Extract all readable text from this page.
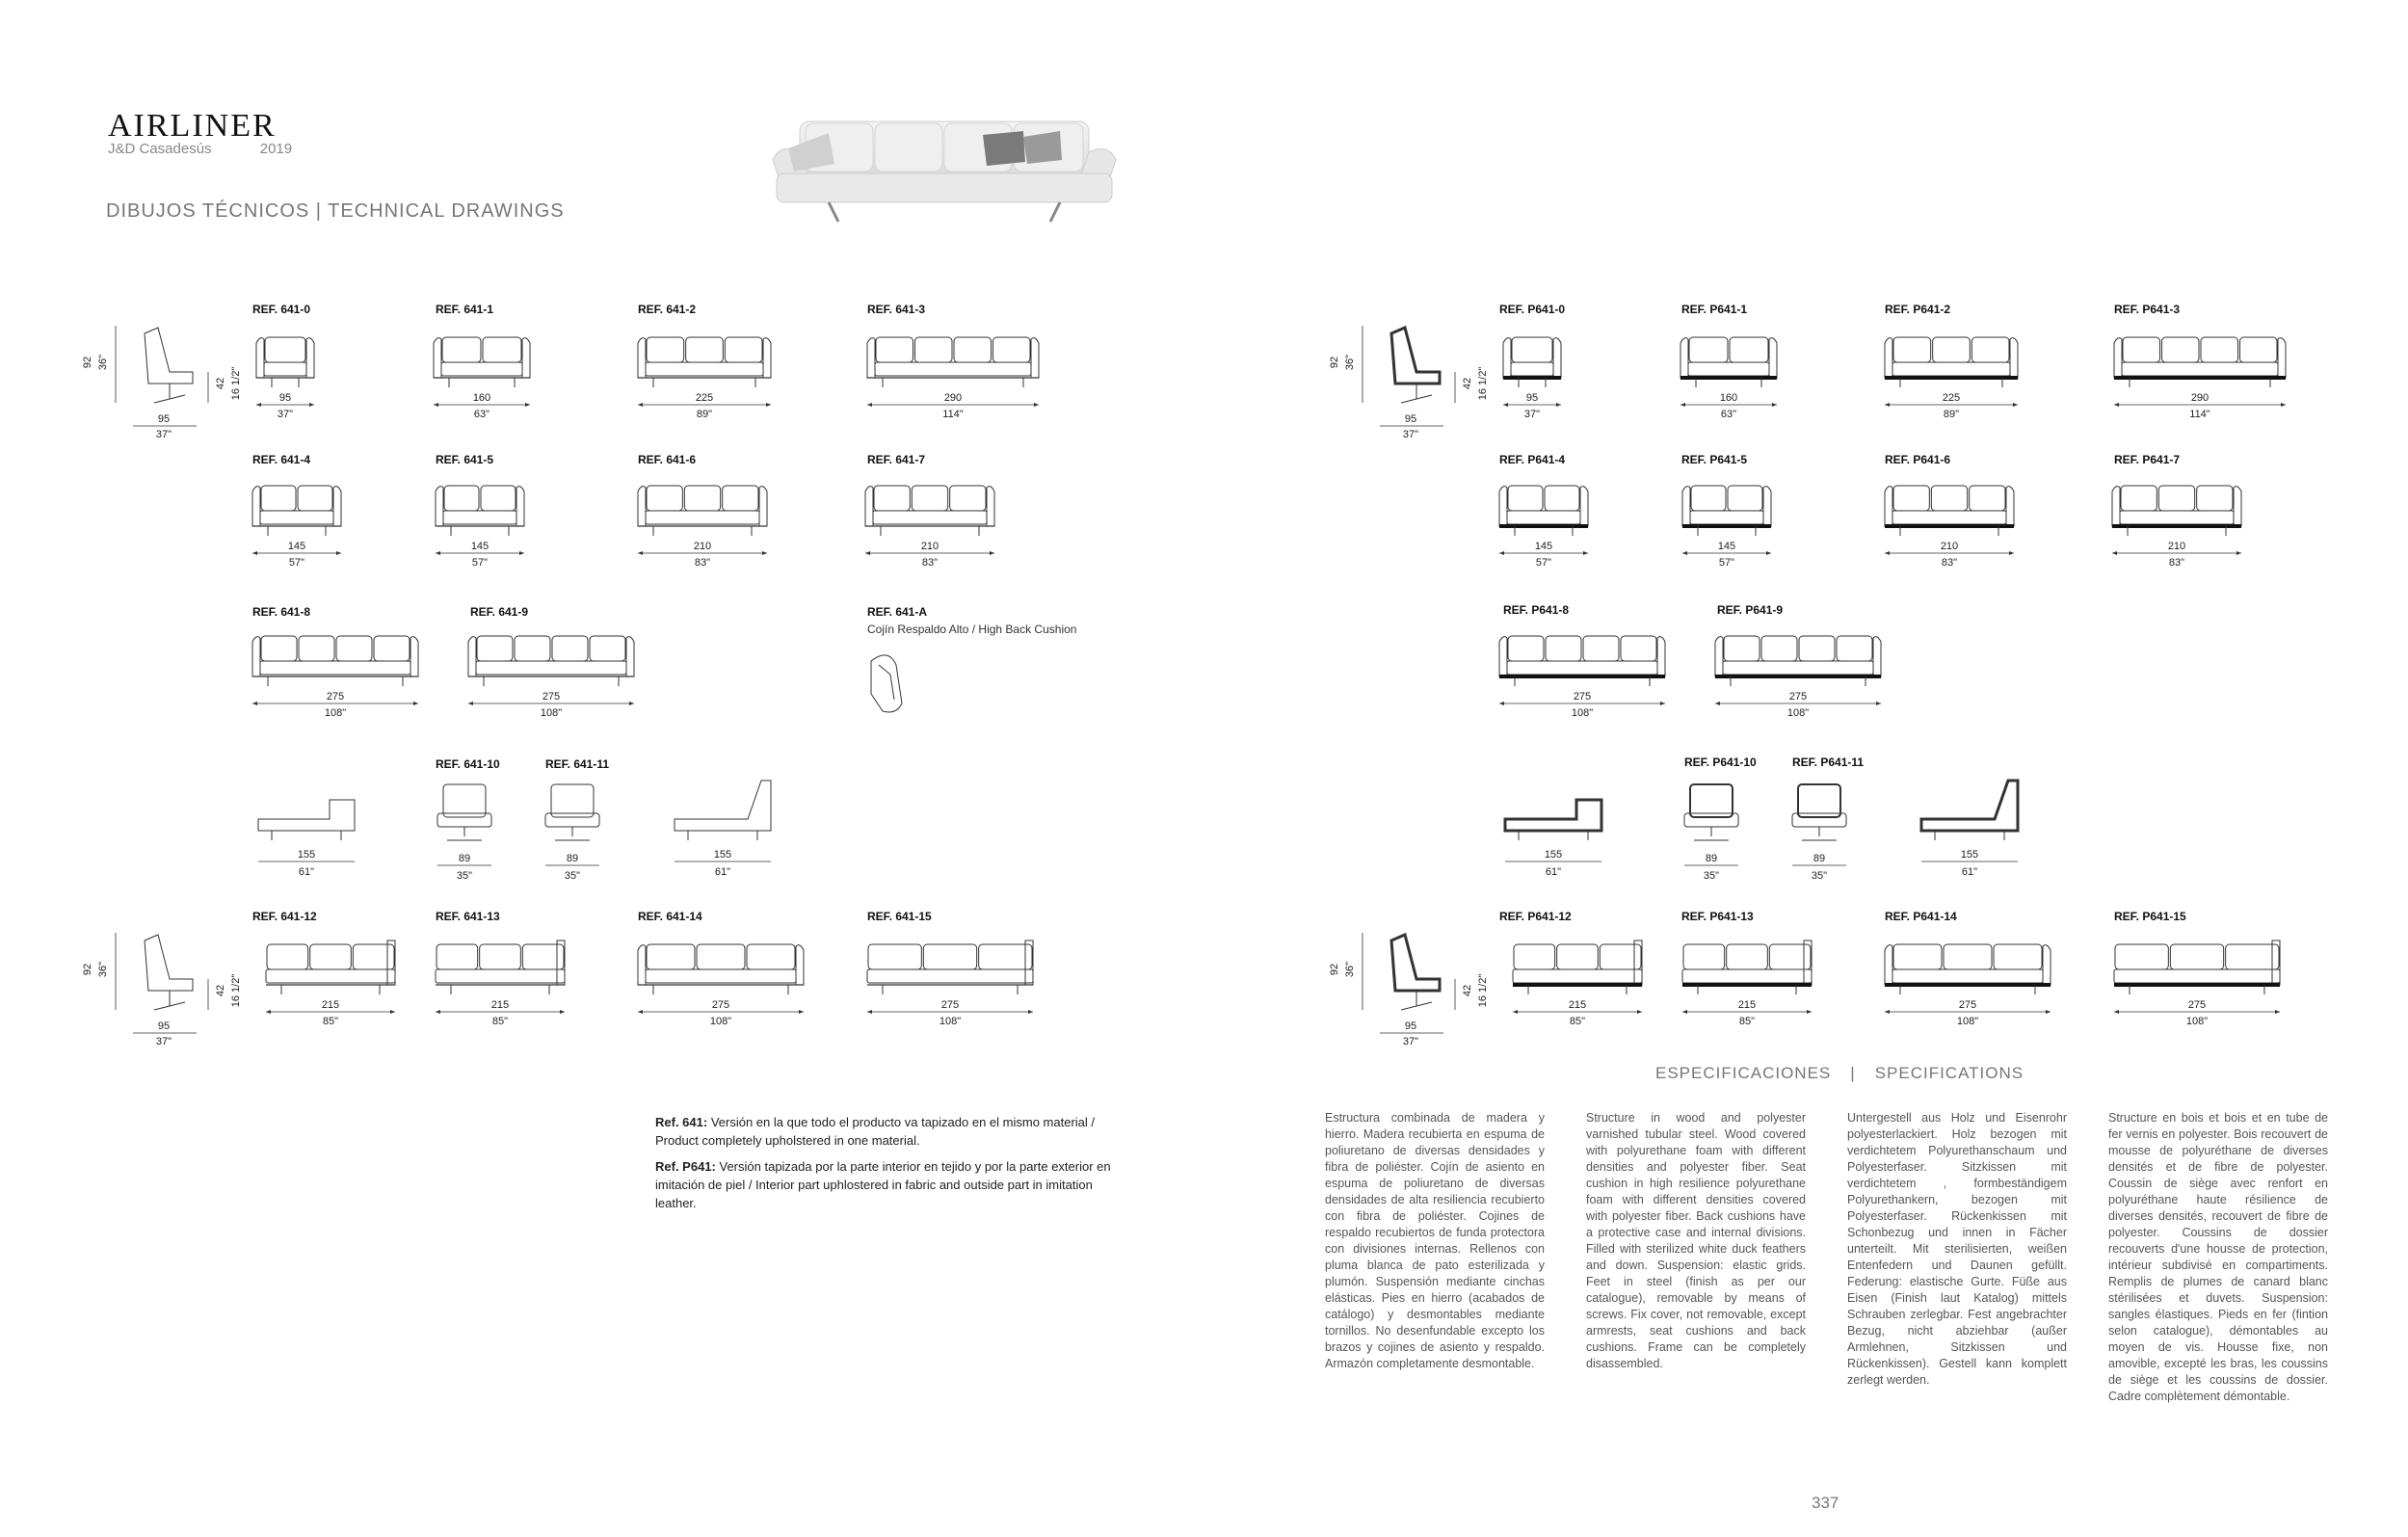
AIRLINER
J&D Casadesús	2019
DIBUJOS TÉCNICOS | TECHNICAL DRAWINGS
REF. 641-0	REF. 641-1	REF. 641-2	REF. 641-3
REF. 641-4	REF. 641-5	REF. 641-6	REF. 641-7
REF. 641-8	REF. 641-9	REF. 641-A
Cojín Respaldo Alto / High Back Cushion
REF. 641-10	REF. 641-11
REF. 641-12	REF. 641-13	REF. 641-14	REF. 641-15
REF. P641-0	REF. P641-1	REF. P641-2	REF. P641-3
REF. P641-4	REF. P641-5	REF. P641-6	REF. P641-7
REF. P641-8	REF. P641-9
REF. P641-10	REF. P641-11
REF. P641-12	REF. P641-13	REF. P641-14	REF. P641-15
92 36"
42 16 1/2"
95
37"
95
37"
160
63"
225
89"
290
114"
145
57"
145
57"
210
83"
210
83"
275
108"
275
108"
155
61"
89
35"
89
35"
155
61"
92 36"
42 16 1/2"
95
37"
215
85"
215
85"
275
108"
275
108"
92 36"
42 16 1/2"
95
37"
95
37"
160
63"
225
89"
290
114"
145
57"
145
57"
210
83"
210
83"
275
108"
275
108"
155
61"
89
35"
89
35"
155
61"
92 36"
42 16 1/2"
95
37"
215
85"
215
85"
275
108"
275
108"

Ref. 641: Versión en la que todo el producto va tapizado en el mismo material / Product completely upholstered in one material.

Ref. P641: Versión tapizada por la parte interior en tejido y por la parte exterior en imitación de piel / Interior part uphlostered in fabric and outside part in imitation leather.

ESPECIFICACIONES | SPECIFICATIONS
Estructura combinada de madera y hierro. Madera recubierta en espuma de poliuretano de diversas densidades y fibra de poliéster. Cojín de asiento en espuma de poliuretano de diversas densidades de alta resiliencia recubierto con fibra de poliéster. Cojines de respaldo recubiertos de funda protectora con divisiones internas. Rellenos con pluma blanca de pato esterilizada y plumón. Suspensión mediante cinchas elásticas. Pies en hierro (acabados de catálogo) y desmontables mediante tornillos. No desenfundable excepto los brazos y cojines de asiento y respaldo. Armazón completamente desmontable.
Structure in wood and polyester varnished tubular steel. Wood covered with polyurethane foam with different densities and polyester fiber. Seat cushion in high resilience polyurethane foam with different densities covered with polyester fiber. Back cushions have a protective case and internal divisions. Filled with sterilized white duck feathers and down. Suspension: elastic grids. Feet in steel (finish as per our catalogue), removable by means of screws. Fix cover, not removable, except armrests, seat cushions and back cushions. Frame can be completely disassembled.
Untergestell aus Holz und Eisenrohr polyesterlackiert. Holz bezogen mit verdichtetem Polyurethanschaum und Polyesterfaser. Sitzkissen mit verdichtetem , formbeständigem Polyurethankern, bezogen mit Polyesterfaser. Rückenkissen mit Schonbezug und innen in Fächer unterteilt. Mit sterilisierten, weißen Entenfedern und Daunen gefüllt. Federung: elastische Gurte. Füße aus Eisen (Finish laut Katalog) mittels Schrauben zerlegbar. Fest angebrachter Bezug, nicht abziehbar (außer Armlehnen, Sitzkissen und Rückenkissen). Gestell kann komplett zerlegt werden.
Structure en bois et bois et en tube de fer vernis en polyester. Bois recouvert de mousse de polyuréthane de diverses densités et de fibre de polyester. Coussin de siège avec renfort en polyuréthane haute résilience de diverses densités, recouvert de fibre de polyester. Coussins de dossier recouverts d'une housse de protection, intérieur subdivisé en compartiments. Remplis de plumes de canard blanc stérilisées et duvets. Suspension: sangles élastiques. Pieds en fer (fintion selon catalogue), démontables au moyen de vis. Housse fixe, non amovible, excepté les bras, les coussins de siège et les coussins de dossier. Cadre complètement démontable.
337
